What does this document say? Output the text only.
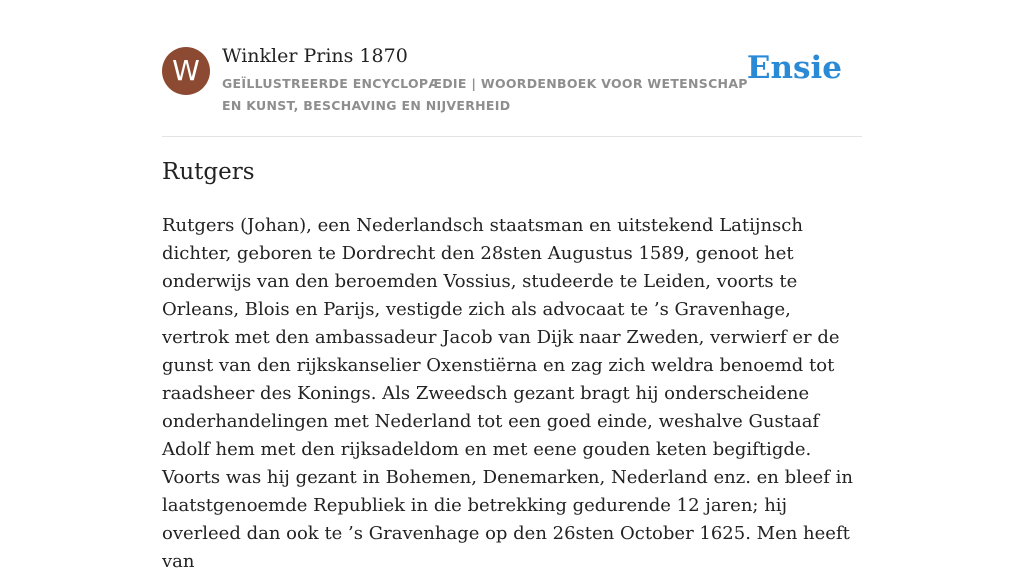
W	Winkler Prins 1870
GEÏLLUSTREERDE ENCYCLOPÆDIE | WOORDENBOEK VOOR WETENSCHAP EN KUNST, BESCHAVING EN NIJVERHEID
Ensie
Rutgers

Rutgers (Johan), een Nederlandsch staatsman en uitstekend Latijnsch dichter, geboren te Dordrecht den 28sten Augustus 1589, genoot het onderwijs van den beroemden Vossius, studeerde te Leiden, voorts te Orleans, Blois en Parijs, vestigde zich als advocaat te ’s Gravenhage, vertrok met den ambassadeur Jacob van Dijk naar Zweden, verwierf er de gunst van den rijkskanselier Oxenstiërna en zag zich weldra benoemd tot raadsheer des Konings. Als Zweedsch gezant bragt hij onderscheidene onderhandelingen met Nederland tot een goed einde, weshalve Gustaaf Adolf hem met den rijksadeldom en met eene gouden keten begiftigde. Voorts was hij gezant in Bohemen, Denemarken, Nederland enz. en bleef in laatstgenoemde Republiek in die betrekking gedurende 12 jaren; hij overleed dan ook te ’s Gravenhage op den 26sten October 1625. Men heeft van
